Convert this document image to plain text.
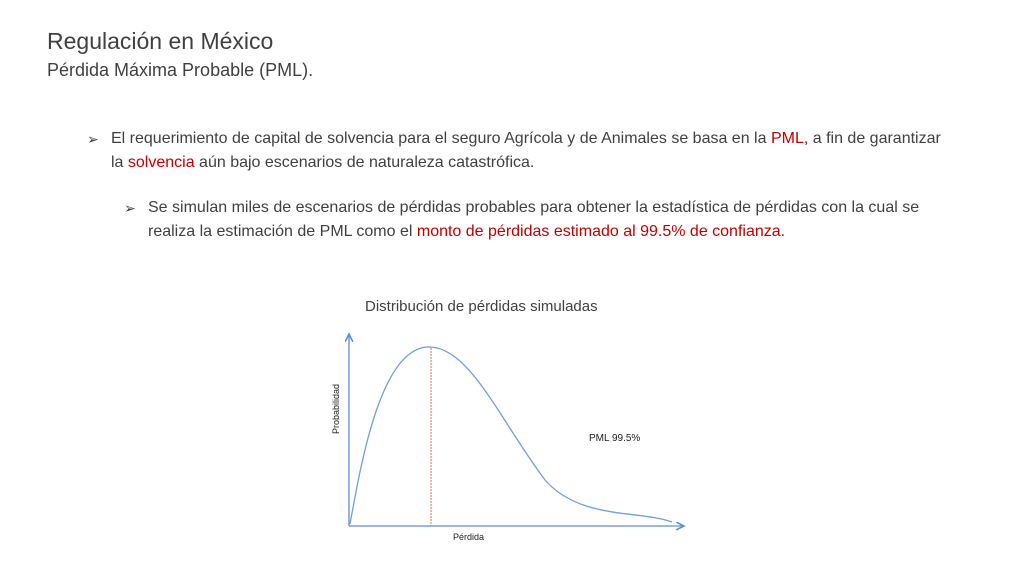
Regulación en México
Pérdida Máxima Probable (PML).
➢ El requerimiento de capital de solvencia para el seguro Agrícola y de Animales se basa en la PML, a fin de garantizar la solvencia aún bajo escenarios de naturaleza catastrófica.
➢ Se simulan miles de escenarios de pérdidas probables para obtener la estadística de pérdidas con la cual se realiza la estimación de PML como el monto de pérdidas estimado al 99.5% de confianza.
Distribución de pérdidas simuladas
Probabilidad
Pérdida
PML 99.5%
